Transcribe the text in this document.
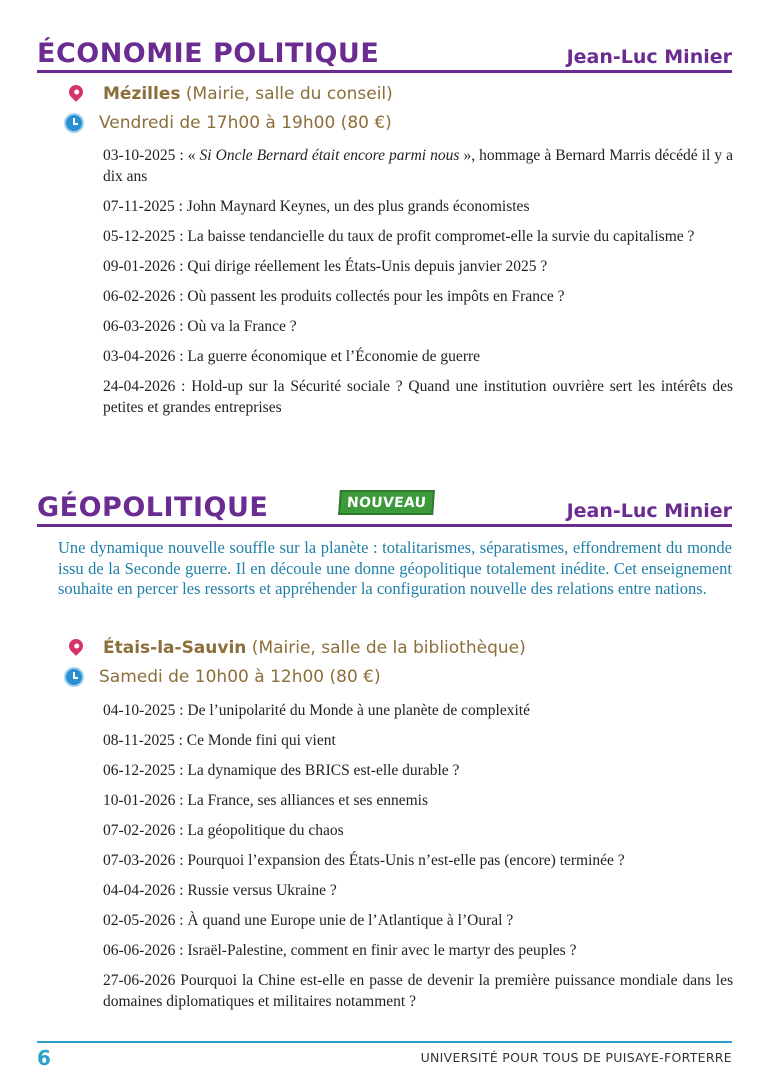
ÉCONOMIE POLITIQUE	Jean-Luc Minier
Mézilles (Mairie, salle du conseil)
Vendredi de 17h00 à 19h00 (80 €)
03-10-2025 : « Si Oncle Bernard était encore parmi nous », hommage à Bernard Marris décédé il y a dix ans
07-11-2025 : John Maynard Keynes, un des plus grands économistes
05-12-2025 : La baisse tendancielle du taux de profit compromet-elle la survie du capitalisme ?
09-01-2026 : Qui dirige réellement les États-Unis depuis janvier 2025 ?
06-02-2026 : Où passent les produits collectés pour les impôts en France ?
06-03-2026 : Où va la France ?
03-04-2026 : La guerre économique et l’Économie de guerre
24-04-2026 : Hold-up sur la Sécurité sociale ? Quand une institution ouvrière sert les intérêts des petites et grandes entreprises
GÉOPOLITIQUE	Jean-Luc Minier
NOUVEAU
Une dynamique nouvelle souffle sur la planète : totalitarismes, séparatismes, effondrement du monde issu de la Seconde guerre. Il en découle une donne géopolitique totalement inédite. Cet enseignement souhaite en percer les ressorts et appréhender la configuration nouvelle des relations entre nations.
Étais-la-Sauvin (Mairie, salle de la bibliothèque)
Samedi de 10h00 à 12h00 (80 €)
04-10-2025 : De l’unipolarité du Monde à une planète de complexité
08-11-2025 : Ce Monde fini qui vient
06-12-2025 : La dynamique des BRICS est-elle durable ?
10-01-2026 : La France, ses alliances et ses ennemis
07-02-2026 : La géopolitique du chaos
07-03-2026 : Pourquoi l’expansion des États-Unis n’est-elle pas (encore) terminée ?
04-04-2026 : Russie versus Ukraine ?
02-05-2026 : À quand une Europe unie de l’Atlantique à l’Oural ?
06-06-2026 : Israël-Palestine, comment en finir avec le martyr des peuples ?
27-06-2026 Pourquoi la Chine est-elle en passe de devenir la première puissance mondiale dans les domaines diplomatiques et militaires notamment ?
6	UNIVERSITÉ POUR TOUS DE PUISAYE-FORTERRE
